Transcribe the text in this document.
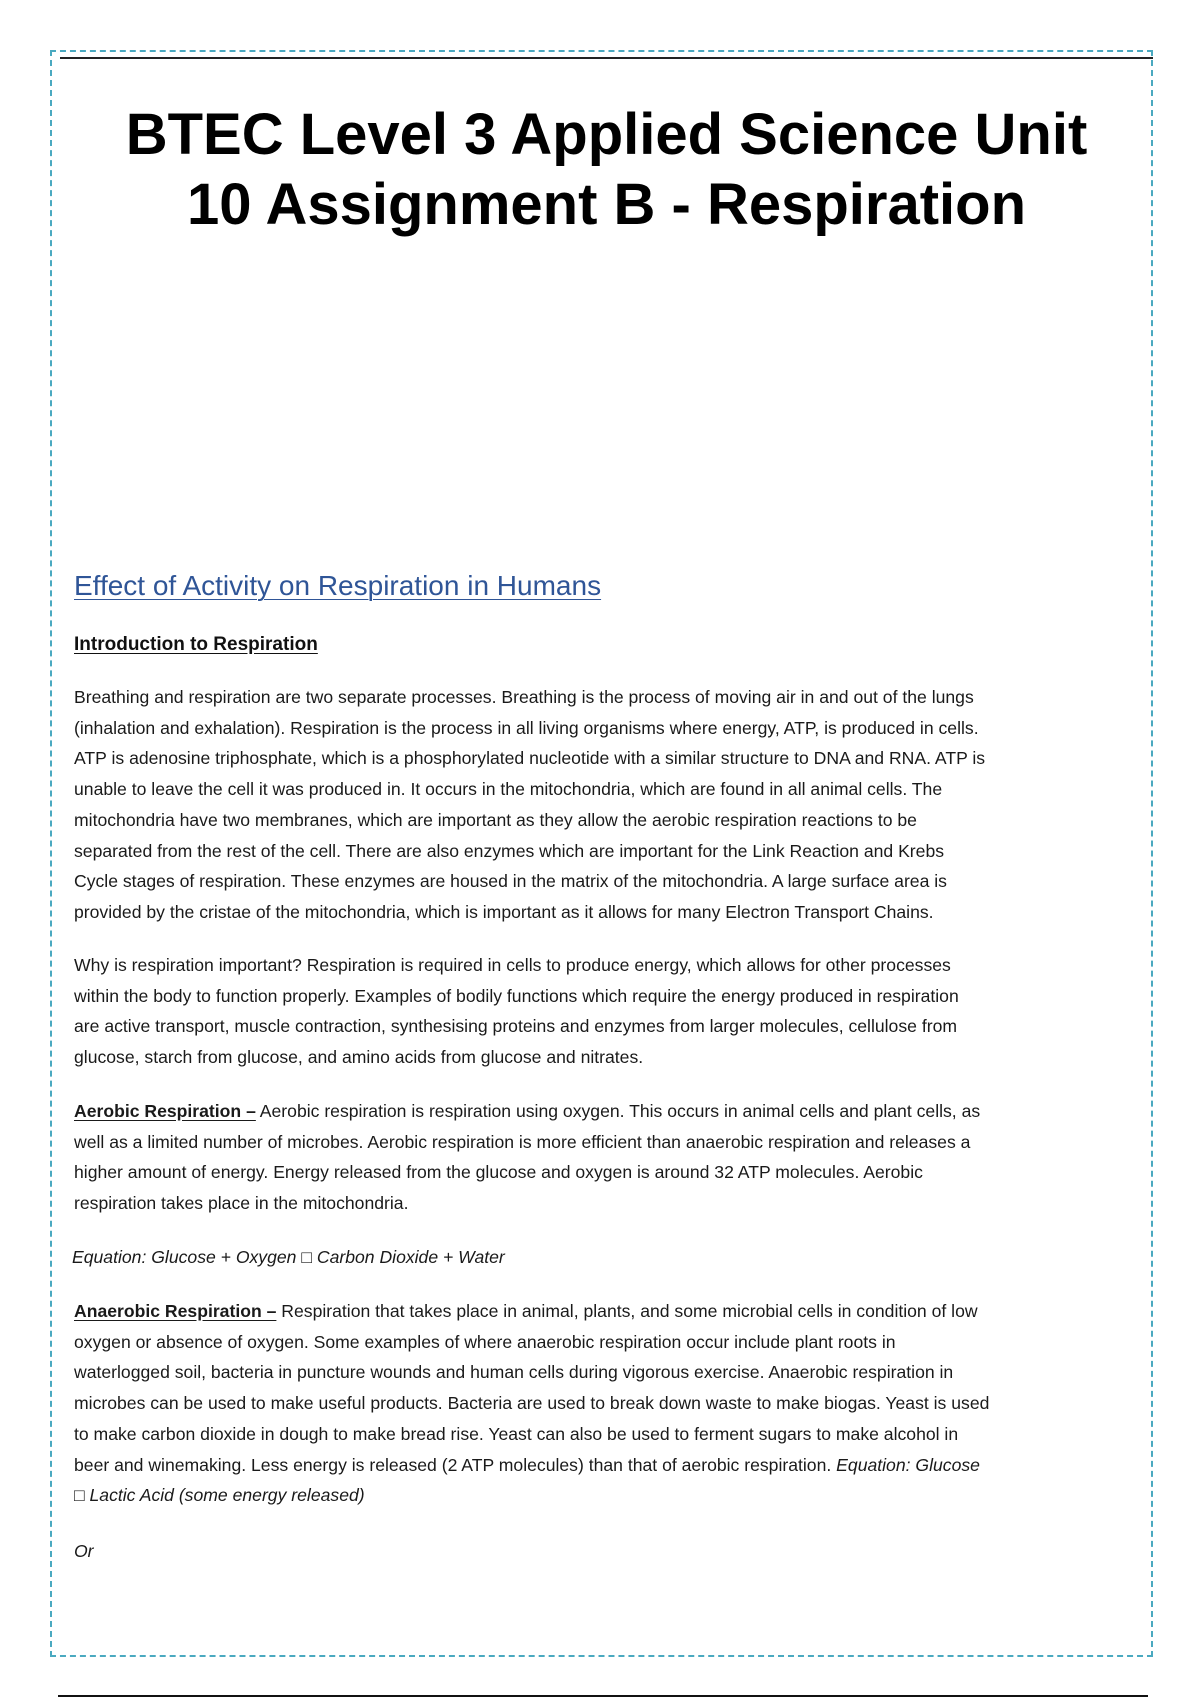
BTEC Level 3 Applied Science Unit
10 Assignment B - Respiration
Effect of Activity on Respiration in Humans
Introduction to Respiration
Breathing and respiration are two separate processes. Breathing is the process of moving air in and out of the lungs
(inhalation and exhalation). Respiration is the process in all living organisms where energy, ATP, is produced in cells.
ATP is adenosine triphosphate, which is a phosphorylated nucleotide with a similar structure to DNA and RNA. ATP is
unable to leave the cell it was produced in. It occurs in the mitochondria, which are found in all animal cells. The
mitochondria have two membranes, which are important as they allow the aerobic respiration reactions to be
separated from the rest of the cell. There are also enzymes which are important for the Link Reaction and Krebs
Cycle stages of respiration. These enzymes are housed in the matrix of the mitochondria. A large surface area is
provided by the cristae of the mitochondria, which is important as it allows for many Electron Transport Chains.
Why is respiration important? Respiration is required in cells to produce energy, which allows for other processes
within the body to function properly. Examples of bodily functions which require the energy produced in respiration
are active transport, muscle contraction, synthesising proteins and enzymes from larger molecules, cellulose from
glucose, starch from glucose, and amino acids from glucose and nitrates.
Aerobic Respiration – Aerobic respiration is respiration using oxygen. This occurs in animal cells and plant cells, as
well as a limited number of microbes. Aerobic respiration is more efficient than anaerobic respiration and releases a
higher amount of energy. Energy released from the glucose and oxygen is around 32 ATP molecules. Aerobic
respiration takes place in the mitochondria.
Equation: Glucose + Oxygen □ Carbon Dioxide + Water
Anaerobic Respiration – Respiration that takes place in animal, plants, and some microbial cells in condition of low
oxygen or absence of oxygen. Some examples of where anaerobic respiration occur include plant roots in
waterlogged soil, bacteria in puncture wounds and human cells during vigorous exercise. Anaerobic respiration in
microbes can be used to make useful products. Bacteria are used to break down waste to make biogas. Yeast is used
to make carbon dioxide in dough to make bread rise. Yeast can also be used to ferment sugars to make alcohol in
beer and winemaking. Less energy is released (2 ATP molecules) than that of aerobic respiration. Equation: Glucose
□ Lactic Acid (some energy released)
Or
